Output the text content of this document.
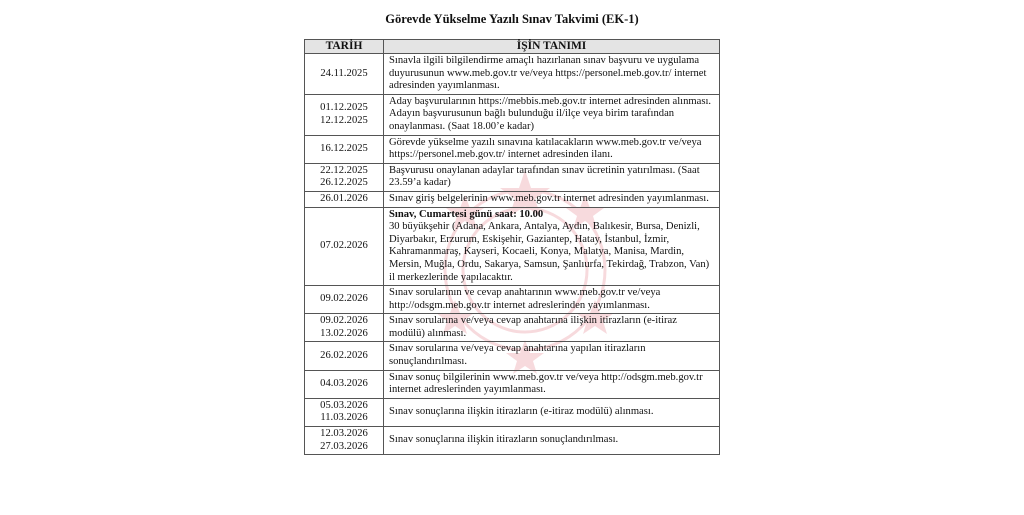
Görevde Yükselme Yazılı Sınav Takvimi (EK-1)
TARİH	İŞİN TANIMI

24.11.2025	Sınavla ilgili bilgilendirme amaçlı hazırlanan sınav başvuru ve uygulama duyurusunun www.meb.gov.tr ve/veya https://personel.meb.gov.tr/ internet adresinden yayımlanması.

01.12.2025
12.12.2025	Aday başvurularının https://mebbis.meb.gov.tr internet adresinden alınması. Adayın başvurusunun bağlı bulunduğu il/ilçe veya birim tarafından onaylanması. (Saat 18.00’e kadar)

16.12.2025	Görevde yükselme yazılı sınavına katılacakların www.meb.gov.tr ve/veya https://personel.meb.gov.tr/ internet adresinden ilanı.

22.12.2025
26.12.2025	Başvurusu onaylanan adaylar tarafından sınav ücretinin yatırılması. (Saat 23.59’a kadar)

26.01.2026	Sınav giriş belgelerinin www.meb.gov.tr internet adresinden yayımlanması.

07.02.2026	Sınav, Cumartesi günü saat: 10.00
30 büyükşehir (Adana, Ankara, Antalya, Aydın, Balıkesir, Bursa, Denizli, Diyarbakır, Erzurum, Eskişehir, Gaziantep, Hatay, İstanbul, İzmir, Kahramanmaraş, Kayseri, Kocaeli, Konya, Malatya, Manisa, Mardin, Mersin, Muğla, Ordu, Sakarya, Samsun, Şanlıurfa, Tekirdağ, Trabzon, Van) il merkezlerinde yapılacaktır.

09.02.2026	Sınav sorularının ve cevap anahtarının www.meb.gov.tr ve/veya http://odsgm.meb.gov.tr internet adreslerinden yayımlanması.

09.02.2026
13.02.2026	Sınav sorularına ve/veya cevap anahtarına ilişkin itirazların (e-itiraz modülü) alınması.

26.02.2026	Sınav sorularına ve/veya cevap anahtarına yapılan itirazların sonuçlandırılması.

04.03.2026	Sınav sonuç bilgilerinin www.meb.gov.tr ve/veya http://odsgm.meb.gov.tr internet adreslerinden yayımlanması.

05.03.2026
11.03.2026	Sınav sonuçlarına ilişkin itirazların (e-itiraz modülü) alınması.

12.03.2026
27.03.2026	Sınav sonuçlarına ilişkin itirazların sonuçlandırılması.
